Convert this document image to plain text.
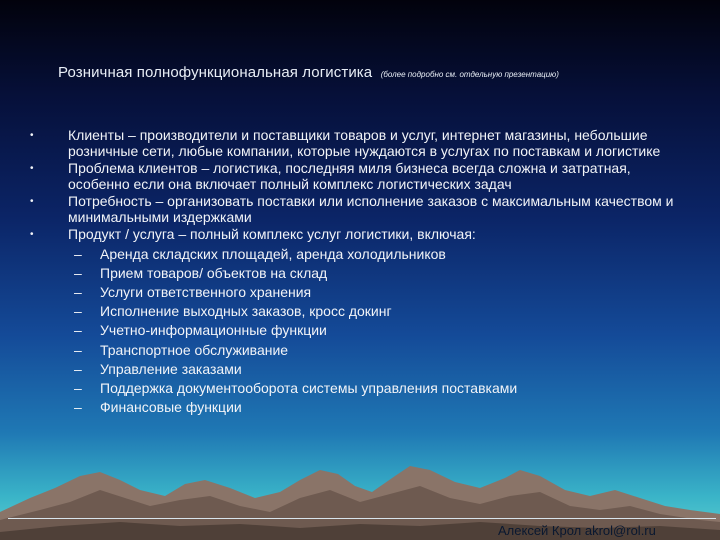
Розничная полнофункциональная логистика (более подробно см. отдельную презентацию)
•	Клиенты – производители и поставщики товаров и услуг, интернет магазины, небольшие розничные сети, любые компании, которые нуждаются в услугах по поставкам и логистике
•	Проблема клиентов – логистика, последняя миля бизнеса всегда сложна и затратная, особенно если она включает полный комплекс логистических задач
•	Потребность – организовать поставки или исполнение заказов с максимальным качеством и минимальными издержками
•	Продукт / услуга – полный комплекс услуг логистики, включая:
– Аренда складских площадей, аренда холодильников
– Прием товаров/ объектов на склад
– Услуги ответственного хранения
– Исполнение выходных заказов, кросс докинг
– Учетно-информационные функции
– Транспортное обслуживание
– Управление заказами
– Поддержка документооборота системы управления поставками
– Финансовые функции
Алексей Крол akrol@rol.ru
